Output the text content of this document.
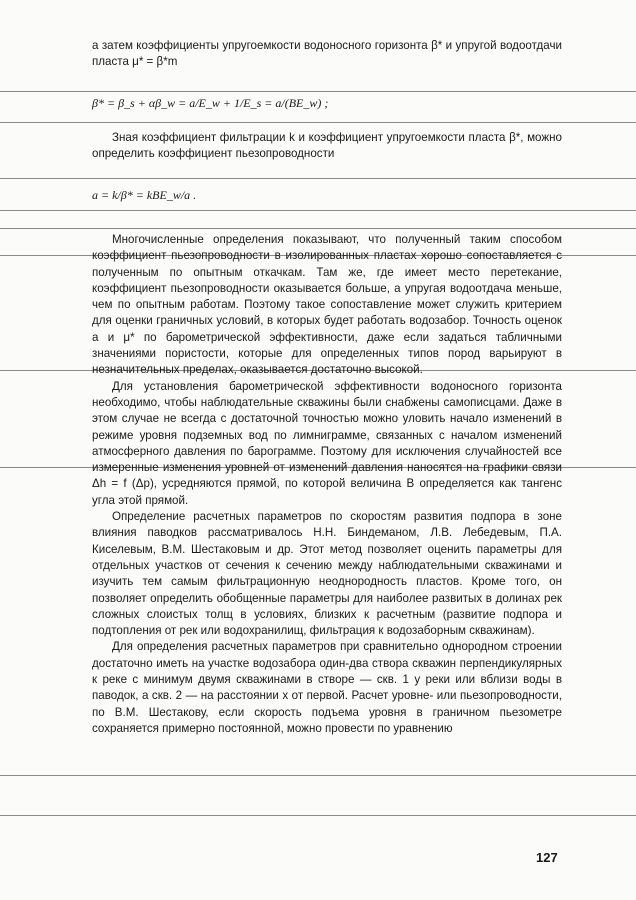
а затем коэффициенты упругоемкости водоносного горизонта β* и упругой водоотдачи пласта μ* = β*m

β* = β_s + αβ_w = a/E_w + 1/E_s = a/(BE_w) ;

Зная коэффициент фильтрации k и коэффициент упругоемкости пласта β*, можно определить коэффициент пьезопроводности

a = k/β* = kBE_w/a .

Многочисленные определения показывают, что полученный таким способом коэффициент пьезопроводности в изолированных пластах хорошо сопоставляется с полученным по опытным откачкам. Там же, где имеет место перетекание, коэффициент пьезопроводности оказывается больше, а упругая водоотдача меньше, чем по опытным работам. Поэтому такое сопоставление может служить критерием для оценки граничных условий, в которых будет работать водозабор. Точность оценок a и μ* по барометрической эффективности, даже если задаться табличными значениями пористости, которые для определенных типов пород варьируют в незначительных пределах, оказывается достаточно высокой.

Для установления барометрической эффективности водоносного горизонта необходимо, чтобы наблюдательные скважины были снабжены самописцами. Даже в этом случае не всегда с достаточной точностью можно уловить начало изменений в режиме уровня подземных вод по лимниграмме, связанных с началом изменений атмосферного давления по барограмме. Поэтому для исключения случайностей все измеренные изменения уровней от изменений давления наносятся на графики связи Δh = f (Δp), усредняются прямой, по которой величина B определяется как тангенс угла этой прямой.

Определение расчетных параметров по скоростям развития подпора в зоне влияния паводков рассматривалось Н.Н. Биндеманом, Л.В. Лебедевым, П.А. Киселевым, В.М. Шестаковым и др. Этот метод позволяет оценить параметры для отдельных участков от сечения к сечению между наблюдательными скважинами и изучить тем самым фильтрационную неоднородность пластов. Кроме того, он позволяет определить обобщенные параметры для наиболее развитых в долинах рек сложных слоистых толщ в условиях, близких к расчетным (развитие подпора и подтопления от рек или водохранилищ, фильтрация к водозаборным скважинам).

Для определения расчетных параметров при сравнительно однородном строении достаточно иметь на участке водозабора один-два створа скважин перпендикулярных к реке с минимум двумя скважинами в створе — скв. 1 у реки или вблизи воды в паводок, а скв. 2 — на расстоянии x от первой. Расчет уровне- или пьезопроводности, по В.М. Шестакову, если скорость подъема уровня в граничном пьезометре сохраняется примерно постоянной, можно провести по уравнению

127
